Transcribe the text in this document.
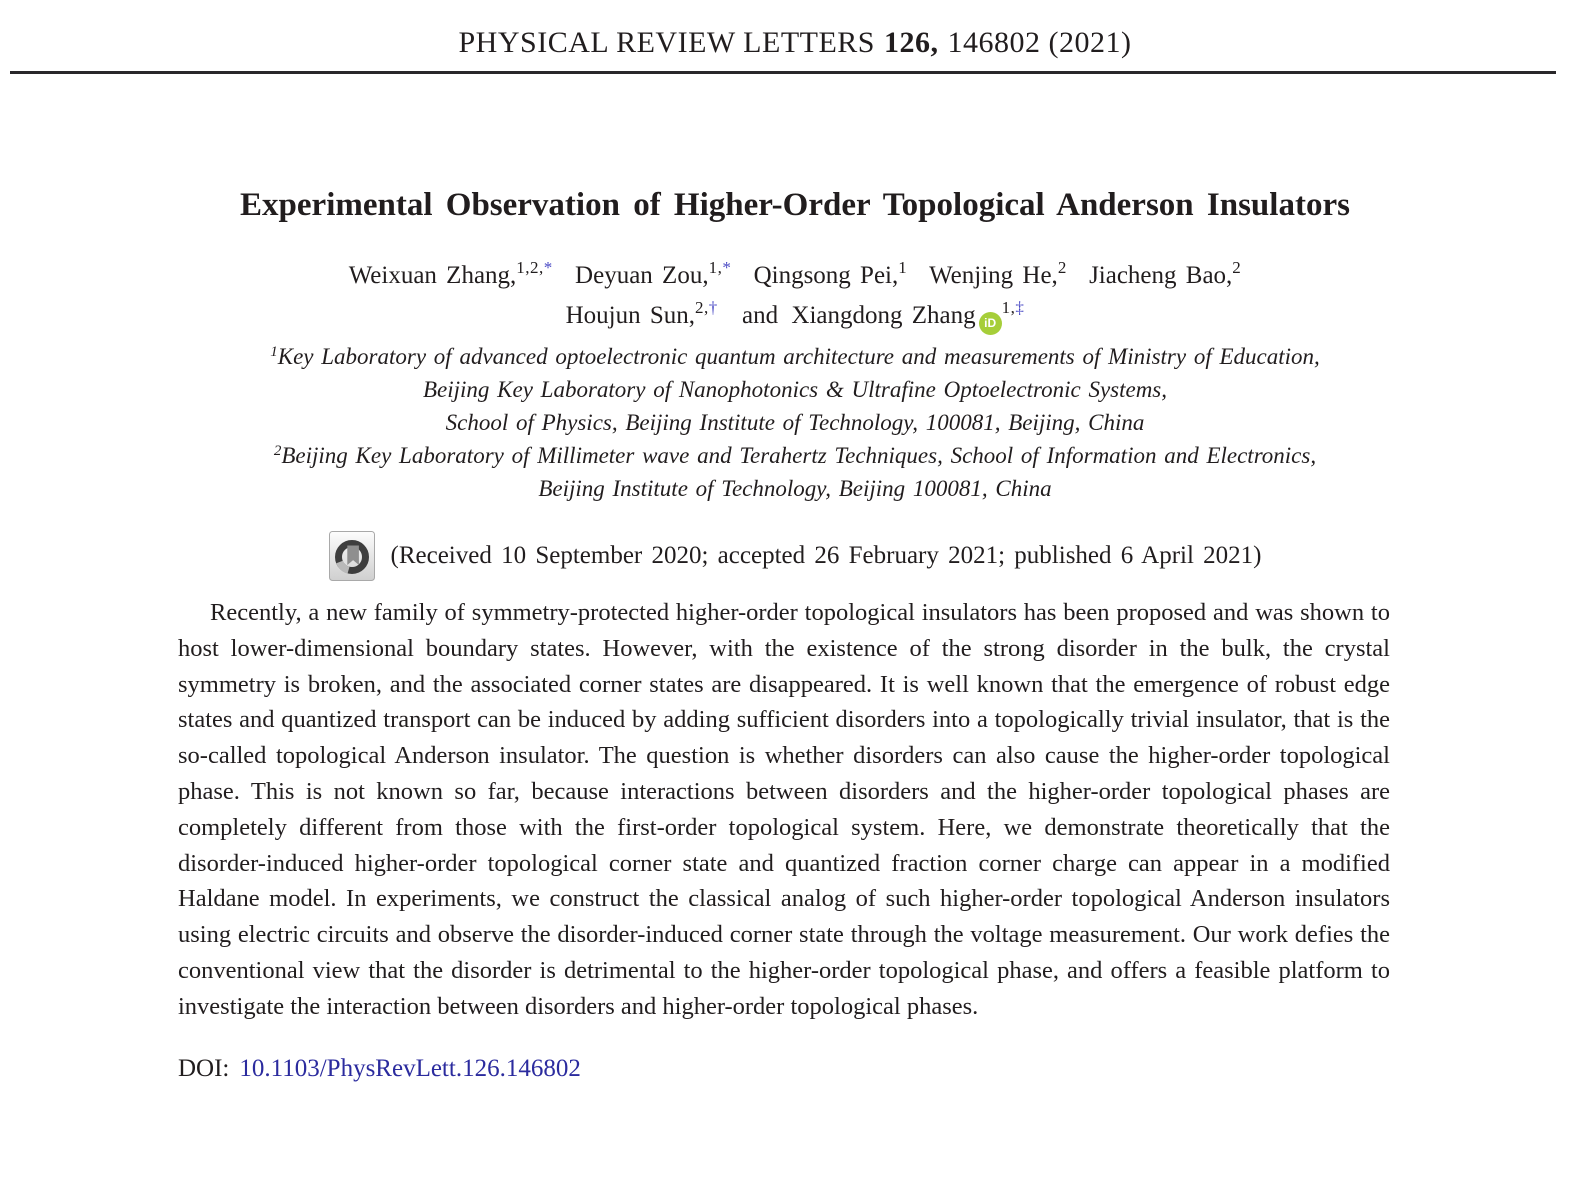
PHYSICAL REVIEW LETTERS 126, 146802 (2021)
Experimental Observation of Higher-Order Topological Anderson Insulators
Weixuan Zhang,$^{1,2,*}$ Deyuan Zou,$^{1,*}$ Qingsong Pei,$^1$ Wenjing He,$^2$ Jiacheng Bao,$^2$
Houjun Sun,$^{2,\dagger}$ and Xiangdong Zhang $iD^{1,\ddagger}$
$^1$Key Laboratory of advanced optoelectronic quantum architecture and measurements of Ministry of Education,
Beijing Key Laboratory of Nanophotonics & Ultrafine Optoelectronic Systems,
School of Physics, Beijing Institute of Technology, 100081, Beijing, China
$^2$Beijing Key Laboratory of Millimeter wave and Terahertz Techniques, School of Information and Electronics,
Beijing Institute of Technology, Beijing 100081, China
(Received 10 September 2020; accepted 26 February 2021; published 6 April 2021)

Recently, a new family of symmetry-protected higher-order topological insulators has been proposed and was shown to host lower-dimensional boundary states. However, with the existence of the strong disorder in the bulk, the crystal symmetry is broken, and the associated corner states are disappeared. It is well known that the emergence of robust edge states and quantized transport can be induced by adding sufficient disorders into a topologically trivial insulator, that is the so-called topological Anderson insulator. The question is whether disorders can also cause the higher-order topological phase. This is not known so far, because interactions between disorders and the higher-order topological phases are completely different from those with the first-order topological system. Here, we demonstrate theoretically that the disorder-induced higher-order topological corner state and quantized fraction corner charge can appear in a modified Haldane model. In experiments, we construct the classical analog of such higher-order topological Anderson insulators using electric circuits and observe the disorder-induced corner state through the voltage measurement. Our work defies the conventional view that the disorder is detrimental to the higher-order topological phase, and offers a feasible platform to investigate the interaction between disorders and higher-order topological phases.

DOI: 10.1103/PhysRevLett.126.146802
